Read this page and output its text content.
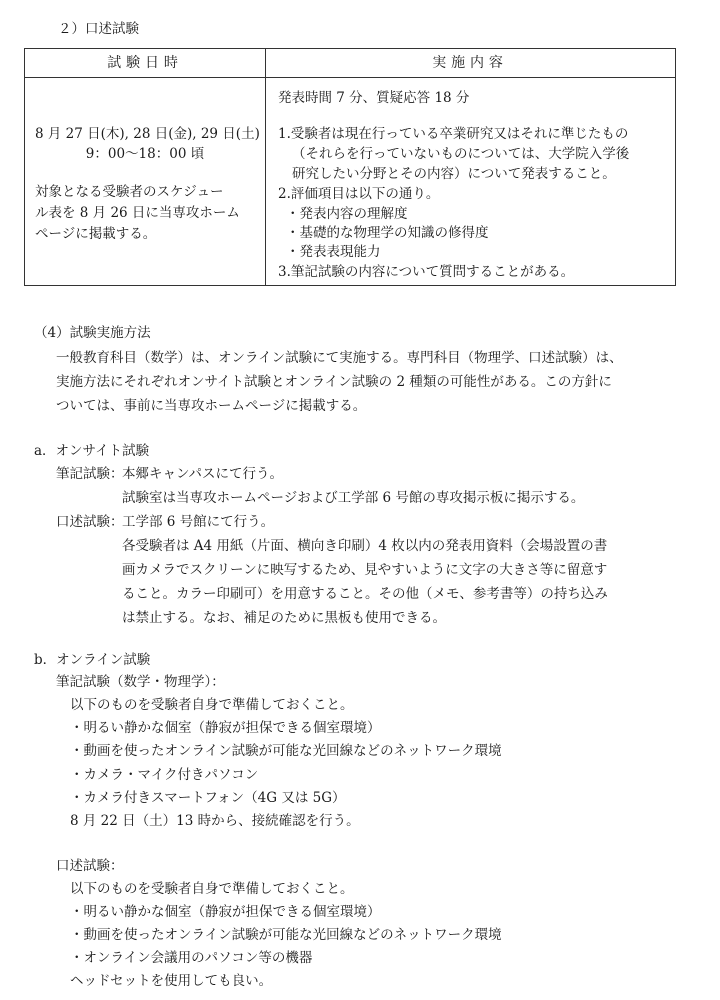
２）口述試験
試験日時	実施内容
8 月 27 日(木), 28 日(金), 29 日(土)
9：00〜18：00 頃
対象となる受験者のスケジュー
ル表を 8 月 26 日に当専攻ホーム
ページに掲載する。
発表時間 7 分、質疑応答 18 分
1.受験者は現在行っている卒業研究又はそれに準じたもの
（それらを行っていないものについては、大学院入学後
研究したい分野とその内容）について発表すること。
2.評価項目は以下の通り。
・発表内容の理解度
・基礎的な物理学の知識の修得度
・発表表現能力
3.筆記試験の内容について質問することがある。
（4）試験実施方法
一般教育科目（数学）は、オンライン試験にて実施する。専門科目（物理学、口述試験）は、
実施方法にそれぞれオンサイト試験とオンライン試験の 2 種類の可能性がある。この方針に
ついては、事前に当専攻ホームページに掲載する。
a．オンサイト試験
筆記試験：
本郷キャンパスにて行う。
試験室は当専攻ホームページおよび工学部 6 号館の専攻掲示板に掲示する。
口述試験：
工学部 6 号館にて行う。
各受験者は A4 用紙（片面、横向き印刷）4 枚以内の発表用資料（会場設置の書
画カメラでスクリーンに映写するため、見やすいように文字の大きさ等に留意す
ること。カラー印刷可）を用意すること。その他（メモ、参考書等）の持ち込み
は禁止する。なお、補足のために黒板も使用できる。
b．オンライン試験
筆記試験（数学・物理学）：
以下のものを受験者自身で準備しておくこと。
・明るい静かな個室（静寂が担保できる個室環境）
・動画を使ったオンライン試験が可能な光回線などのネットワーク環境
・カメラ・マイク付きパソコン
・カメラ付きスマートフォン（4G 又は 5G）
8 月 22 日（土）13 時から、接続確認を行う。
口述試験：
以下のものを受験者自身で準備しておくこと。
・明るい静かな個室（静寂が担保できる個室環境）
・動画を使ったオンライン試験が可能な光回線などのネットワーク環境
・オンライン会議用のパソコン等の機器
ヘッドセットを使用しても良い。
